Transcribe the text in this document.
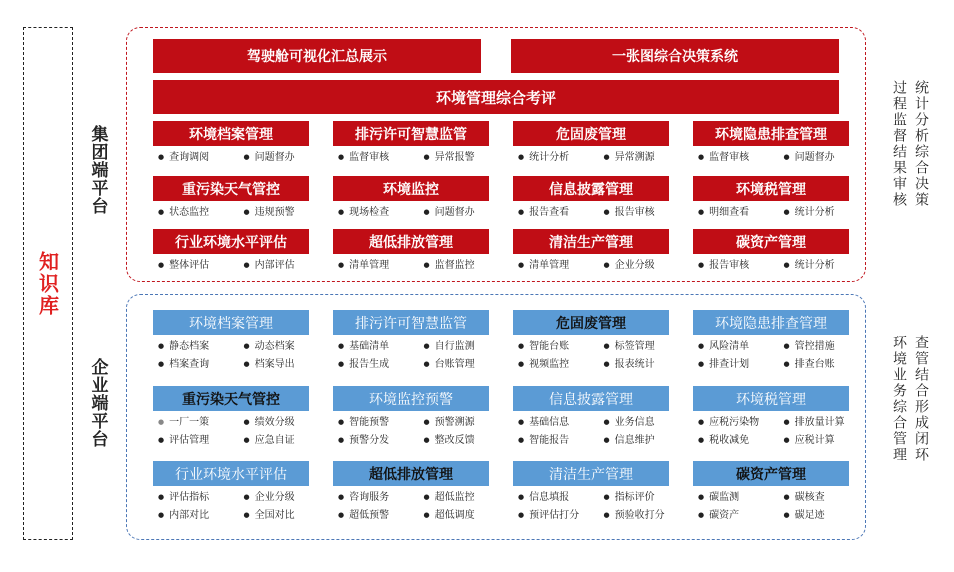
知识库
集团端平台
企业端平台
驾驶舱可视化汇总展示	一张图综合决策系统
环境管理综合考评
环境档案管理
● 查询调阅	● 问题督办
排污许可智慧监管
● 监督审核	● 异常报警
危固废管理
● 统计分析	● 异常溯源
环境隐患排查管理
● 监督审核	● 问题督办
重污染天气管控
● 状态监控	● 违规预警
环境监控
● 现场检查	● 问题督办
信息披露管理
● 报告查看	● 报告审核
环境税管理
● 明细查看	● 统计分析
行业环境水平评估
● 整体评估	● 内部评估
超低排放管理
● 清单管理	● 监督监控
清洁生产管理
● 清单管理	● 企业分级
碳资产管理
● 报告审核	● 统计分析
环境档案管理
● 静态档案	● 动态档案
● 档案查询	● 档案导出
排污许可智慧监管
● 基础清单	● 自行监测
● 报告生成	● 台账管理
危固废管理
● 智能台账	● 标签管理
● 视频监控	● 报表统计
环境隐患排查管理
● 风险清单	● 管控措施
● 排查计划	● 排查台账
重污染天气管控
● 一厂一策	● 绩效分级
● 评估管理	● 应急自证
环境监控预警
● 智能预警	● 预警溯源
● 预警分发	● 整改反馈
信息披露管理
● 基础信息	● 业务信息
● 智能报告	● 信息维护
环境税管理
● 应税污染物	● 排放量计算
● 税收减免	● 应税计算
行业环境水平评估
● 评估指标	● 企业分级
● 内部对比	● 全国对比
超低排放管理
● 咨询服务	● 超低监控
● 超低预警	● 超低调度
清洁生产管理
● 信息填报	● 指标评价
● 预评估打分	● 预验收打分
碳资产管理
● 碳监测	● 碳核查
● 碳资产	● 碳足迹
统计分析综合决策
过程监督结果审核
查管结合形成闭环
环境业务综合管理
